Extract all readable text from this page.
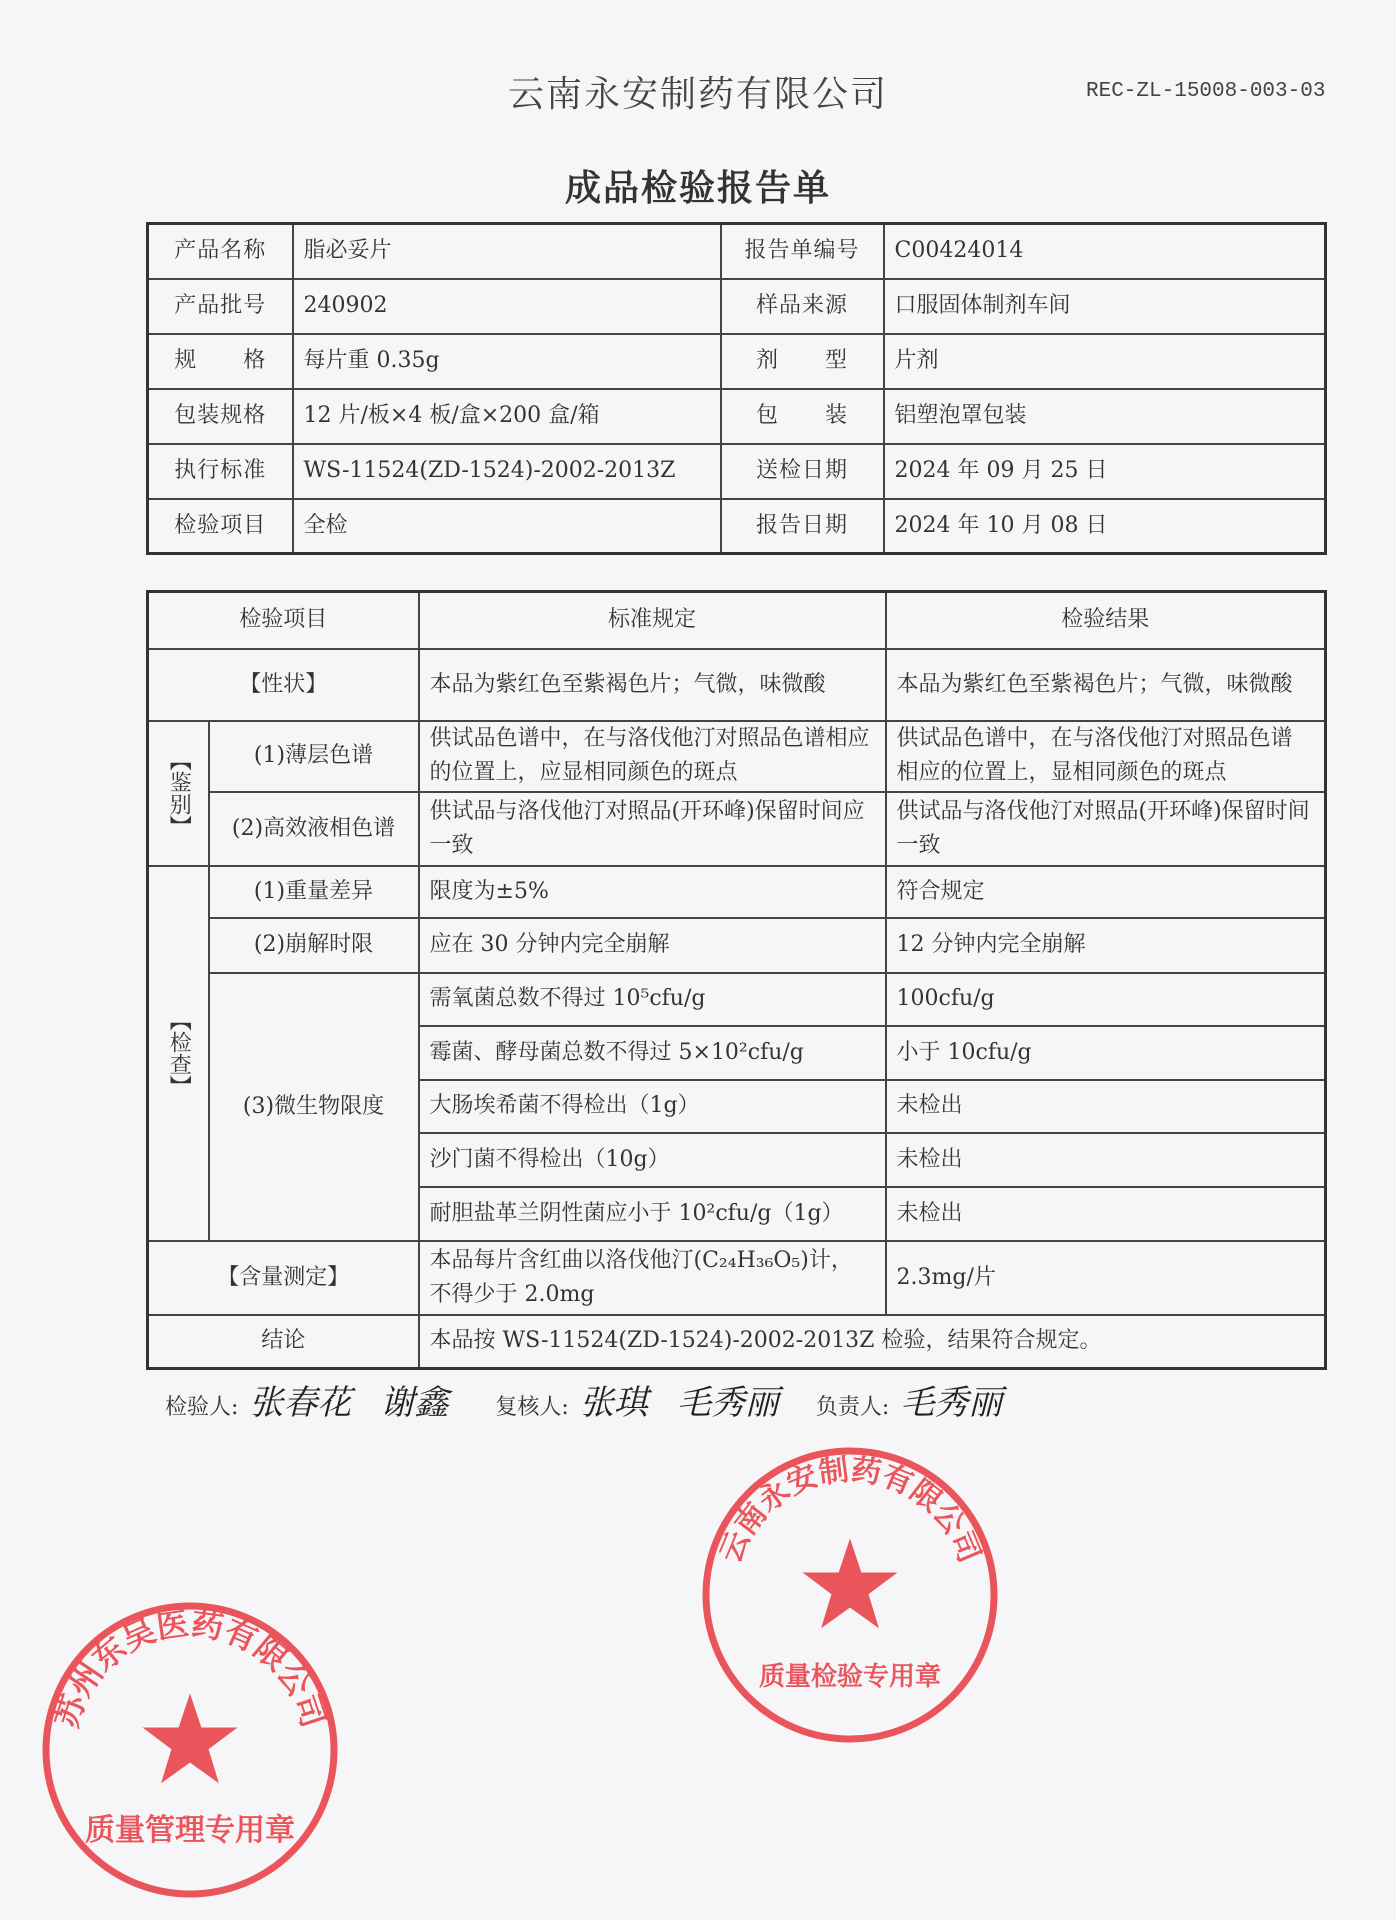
云南永安制药有限公司	REC-ZL-15008-003-03
成品检验报告单
产品名称	脂必妥片	报告单编号	C00424014
产品批号	240902	样品来源	口服固体制剂车间
规　　格	每片重 0.35g	剂　　型	片剂
包装规格	12 片/板×4 板/盒×200 盒/箱	包　　装	铝塑泡罩包装
执行标准	WS-11524(ZD-1524)-2002-2013Z	送检日期	2024 年 09 月 25 日
检验项目	全检	报告日期	2024 年 10 月 08 日
检验项目		标准规定	检验结果
【性状】		本品为紫红色至紫褐色片；气微，味微酸	本品为紫红色至紫褐色片；气微，味微酸
【鉴别】	(1)薄层色谱	供试品色谱中，在与洛伐他汀对照品色谱相应的位置上，应显相同颜色的斑点	供试品色谱中，在与洛伐他汀对照品色谱相应的位置上，显相同颜色的斑点
	(2)高效液相色谱	供试品与洛伐他汀对照品(开环峰)保留时间应一致	供试品与洛伐他汀对照品(开环峰)保留时间一致
【检查】	(1)重量差异	限度为±5%	符合规定
	(2)崩解时限	应在 30 分钟内完全崩解	12 分钟内完全崩解
	(3)微生物限度	需氧菌总数不得过 10⁵cfu/g	100cfu/g
		霉菌、酵母菌总数不得过 5×10²cfu/g	小于 10cfu/g
		大肠埃希菌不得检出（1g）	未检出
		沙门菌不得检出（10g）	未检出
		耐胆盐革兰阴性菌应小于 10²cfu/g（1g）	未检出
【含量测定】		本品每片含红曲以洛伐他汀(C₂₄H₃₆O₅)计，不得少于 2.0mg	2.3mg/片
结论		本品按 WS-11524(ZD-1524)-2002-2013Z 检验，结果符合规定。	
检验人: 张春花 谢鑫 复核人: 张琪 毛秀丽 负责人: 毛秀丽
云南永安制药有限公司
质量检验专用章
苏州东吴医药有限公司
质量管理专用章
